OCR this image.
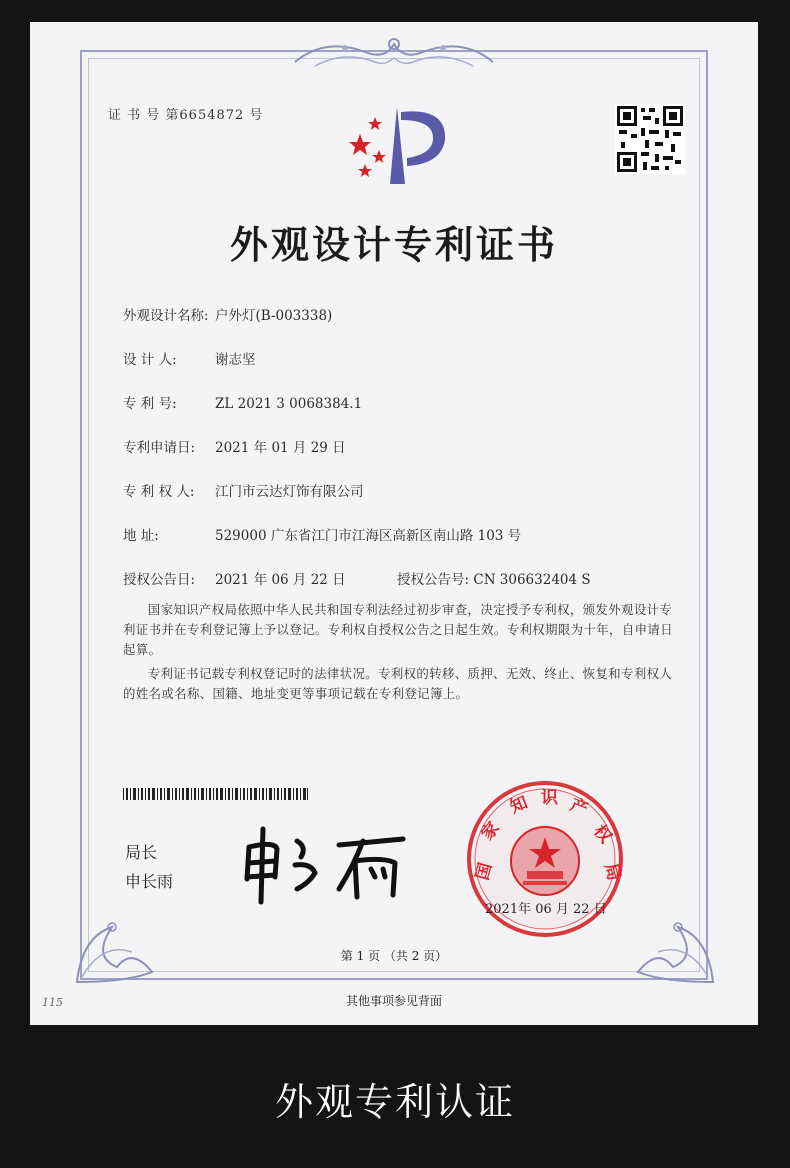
证 书 号 第6654872 号
外观设计专利证书
外观设计名称: 户外灯(B-003338)
设 计 人:	谢志坚
专 利 号:	ZL 2021 3 0068384.1
专利申请日: 2021 年 01 月 29 日
专 利 权 人: 江门市云达灯饰有限公司
地 址:	529000 广东省江门市江海区高新区南山路 103 号
授权公告日: 2021 年 06 月 22 日	授权公告号: CN 306632404 S
国家知识产权局依照中华人民共和国专利法经过初步审查，决定授予专利权，颁发外观设计专利证书并在专利登记簿上予以登记。专利权自授权公告之日起生效。专利权期限为十年，自申请日起算。
专利证书记载专利权登记时的法律状况。专利权的转移、质押、无效、终止、恢复和专利权人的姓名或名称、国籍、地址变更等事项记载在专利登记簿上。
局长
申长雨	国
家
知 识 产
权
局
2021年 06 月 22 日
第 1 页 （共 2 页）
其他事项参见背面
115
外观专利认证
